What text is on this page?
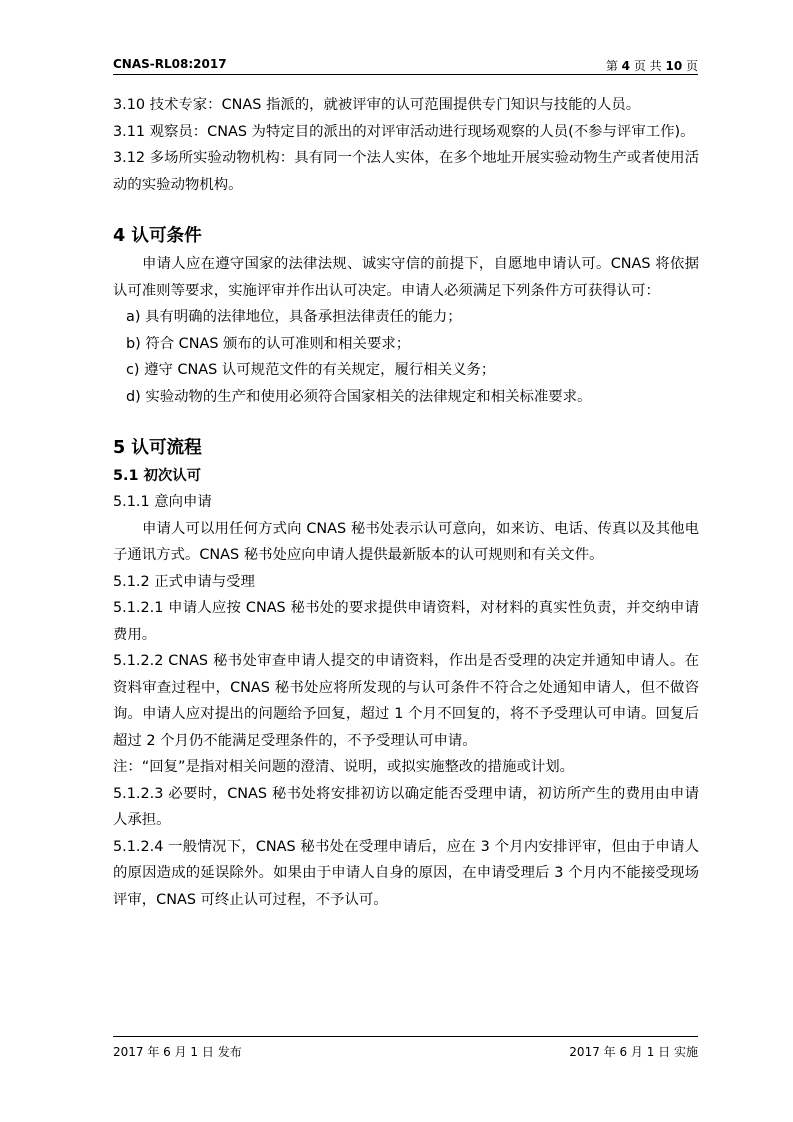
CNAS-RL08:2017	第 4 页 共 10 页

3.10 技术专家：CNAS 指派的，就被评审的认可范围提供专门知识与技能的人员。

3.11 观察员：CNAS 为特定目的派出的对评审活动进行现场观察的人员(不参与评审工作)。

3.12 多场所实验动物机构：具有同一个法人实体，在多个地址开展实验动物生产或者使用活动的实验动物机构。

4 认可条件

申请人应在遵守国家的法律法规、诚实守信的前提下，自愿地申请认可。CNAS 将依据认可准则等要求，实施评审并作出认可决定。申请人必须满足下列条件方可获得认可：

a) 具有明确的法律地位，具备承担法律责任的能力；

b) 符合 CNAS 颁布的认可准则和相关要求；

c) 遵守 CNAS 认可规范文件的有关规定，履行相关义务；

d) 实验动物的生产和使用必须符合国家相关的法律规定和相关标准要求。

5 认可流程
5.1 初次认可

5.1.1 意向申请

申请人可以用任何方式向 CNAS 秘书处表示认可意向，如来访、电话、传真以及其他电子通讯方式。CNAS 秘书处应向申请人提供最新版本的认可规则和有关文件。

5.1.2 正式申请与受理

5.1.2.1 申请人应按 CNAS 秘书处的要求提供申请资料，对材料的真实性负责，并交纳申请费用。

5.1.2.2 CNAS 秘书处审查申请人提交的申请资料，作出是否受理的决定并通知申请人。在资料审查过程中，CNAS 秘书处应将所发现的与认可条件不符合之处通知申请人，但不做咨询。申请人应对提出的问题给予回复，超过 1 个月不回复的，将不予受理认可申请。回复后超过 2 个月仍不能满足受理条件的，不予受理认可申请。

注：“回复”是指对相关问题的澄清、说明，或拟实施整改的措施或计划。

5.1.2.3 必要时，CNAS 秘书处将安排初访以确定能否受理申请，初访所产生的费用由申请人承担。

5.1.2.4 一般情况下，CNAS 秘书处在受理申请后，应在 3 个月内安排评审，但由于申请人的原因造成的延误除外。如果由于申请人自身的原因，在申请受理后 3 个月内不能接受现场评审，CNAS 可终止认可过程，不予认可。

2017 年 6 月 1 日 发布	2017 年 6 月 1 日 实施
